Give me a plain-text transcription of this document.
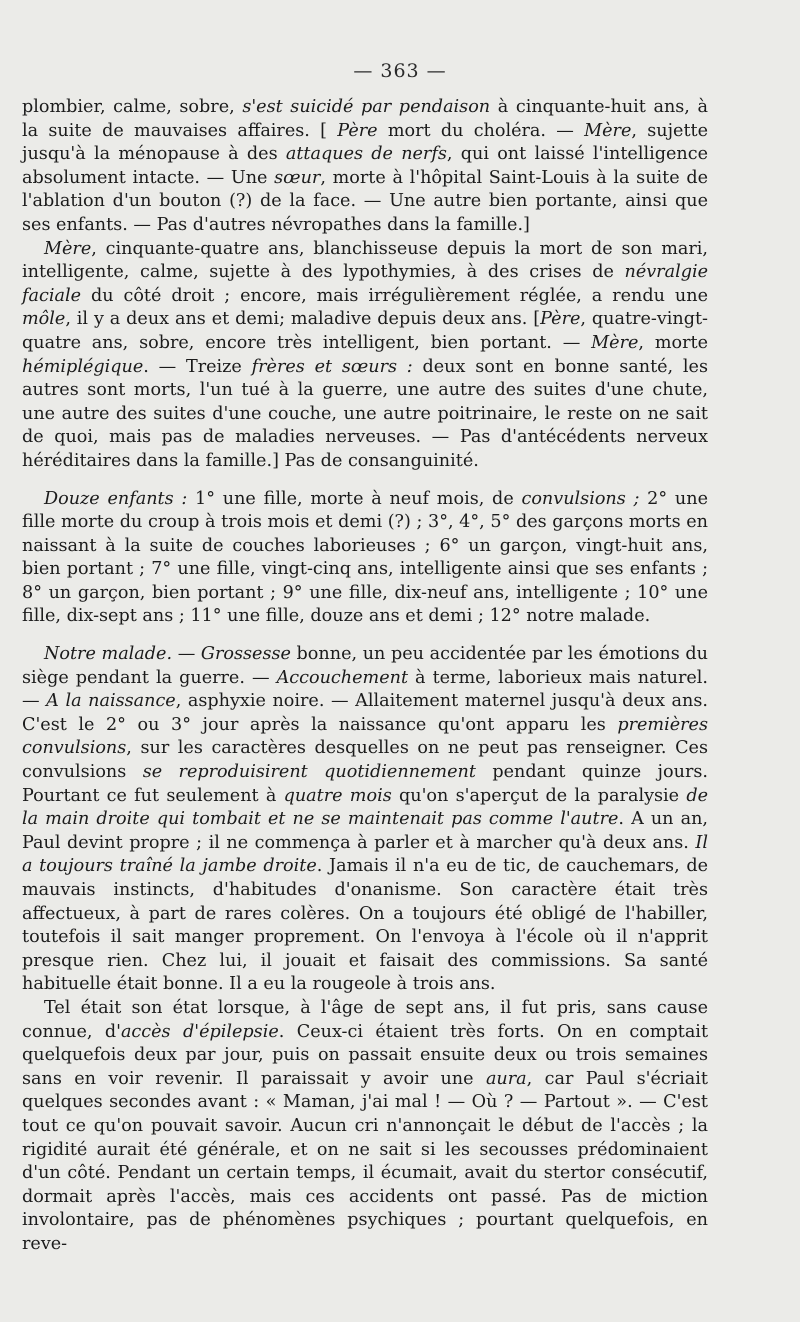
— 363 —

plombier, calme, sobre, s'est suicidé par pendaison à cinquante-huit ans, à la suite de mauvaises affaires. [ Père mort du choléra. — Mère, sujette jusqu'à la ménopause à des attaques de nerfs, qui ont laissé l'intelligence absolument intacte. — Une sœur, morte à l'hôpital Saint-Louis à la suite de l'ablation d'un bouton (?) de la face. — Une autre bien portante, ainsi que ses enfants. — Pas d'autres névropathes dans la famille.]

Mère, cinquante-quatre ans, blanchisseuse depuis la mort de son mari, intelligente, calme, sujette à des lypothymies, à des crises de névralgie faciale du côté droit ; encore, mais irrégulièrement réglée, a rendu une môle, il y a deux ans et demi; maladive depuis deux ans. [Père, quatre-vingt-quatre ans, sobre, encore très intelligent, bien portant. — Mère, morte hémiplégique. — Treize frères et sœurs : deux sont en bonne santé, les autres sont morts, l'un tué à la guerre, une autre des suites d'une chute, une autre des suites d'une couche, une autre poitrinaire, le reste on ne sait de quoi, mais pas de maladies nerveuses. — Pas d'antécédents nerveux héréditaires dans la famille.] Pas de consanguinité.

Douze enfants : 1° une fille, morte à neuf mois, de convulsions ; 2° une fille morte du croup à trois mois et demi (?) ; 3°, 4°, 5° des garçons morts en naissant à la suite de couches laborieuses ; 6° un garçon, vingt-huit ans, bien portant ; 7° une fille, vingt-cinq ans, intelligente ainsi que ses enfants ; 8° un garçon, bien portant ; 9° une fille, dix-neuf ans, intelligente ; 10° une fille, dix-sept ans ; 11° une fille, douze ans et demi ; 12° notre malade.

Notre malade. — Grossesse bonne, un peu accidentée par les émotions du siège pendant la guerre. — Accouchement à terme, laborieux mais naturel. — A la naissance, asphyxie noire. — Allaitement maternel jusqu'à deux ans. C'est le 2° ou 3° jour après la naissance qu'ont apparu les premières convulsions, sur les caractères desquelles on ne peut pas renseigner. Ces convulsions se reproduisirent quotidiennement pendant quinze jours. Pourtant ce fut seulement à quatre mois qu'on s'aperçut de la paralysie de la main droite qui tombait et ne se maintenait pas comme l'autre. A un an, Paul devint propre ; il ne commença à parler et à marcher qu'à deux ans. Il a toujours traîné la jambe droite. Jamais il n'a eu de tic, de cauchemars, de mauvais instincts, d'habitudes d'onanisme. Son caractère était très affectueux, à part de rares colères. On a toujours été obligé de l'habiller, toutefois il sait manger proprement. On l'envoya à l'école où il n'apprit presque rien. Chez lui, il jouait et faisait des commissions. Sa santé habituelle était bonne. Il a eu la rougeole à trois ans.

Tel était son état lorsque, à l'âge de sept ans, il fut pris, sans cause connue, d'accès d'épilepsie. Ceux-ci étaient très forts. On en comptait quelquefois deux par jour, puis on passait ensuite deux ou trois semaines sans en voir revenir. Il paraissait y avoir une aura, car Paul s'écriait quelques secondes avant : « Maman, j'ai mal ! — Où ? — Partout ». — C'est tout ce qu'on pouvait savoir. Aucun cri n'annonçait le début de l'accès ; la rigidité aurait été générale, et on ne sait si les secousses prédominaient d'un côté. Pendant un certain temps, il écumait, avait du stertor consécutif, dormait après l'accès, mais ces accidents ont passé. Pas de miction involontaire, pas de phénomènes psychiques ; pourtant quelquefois, en reve-
